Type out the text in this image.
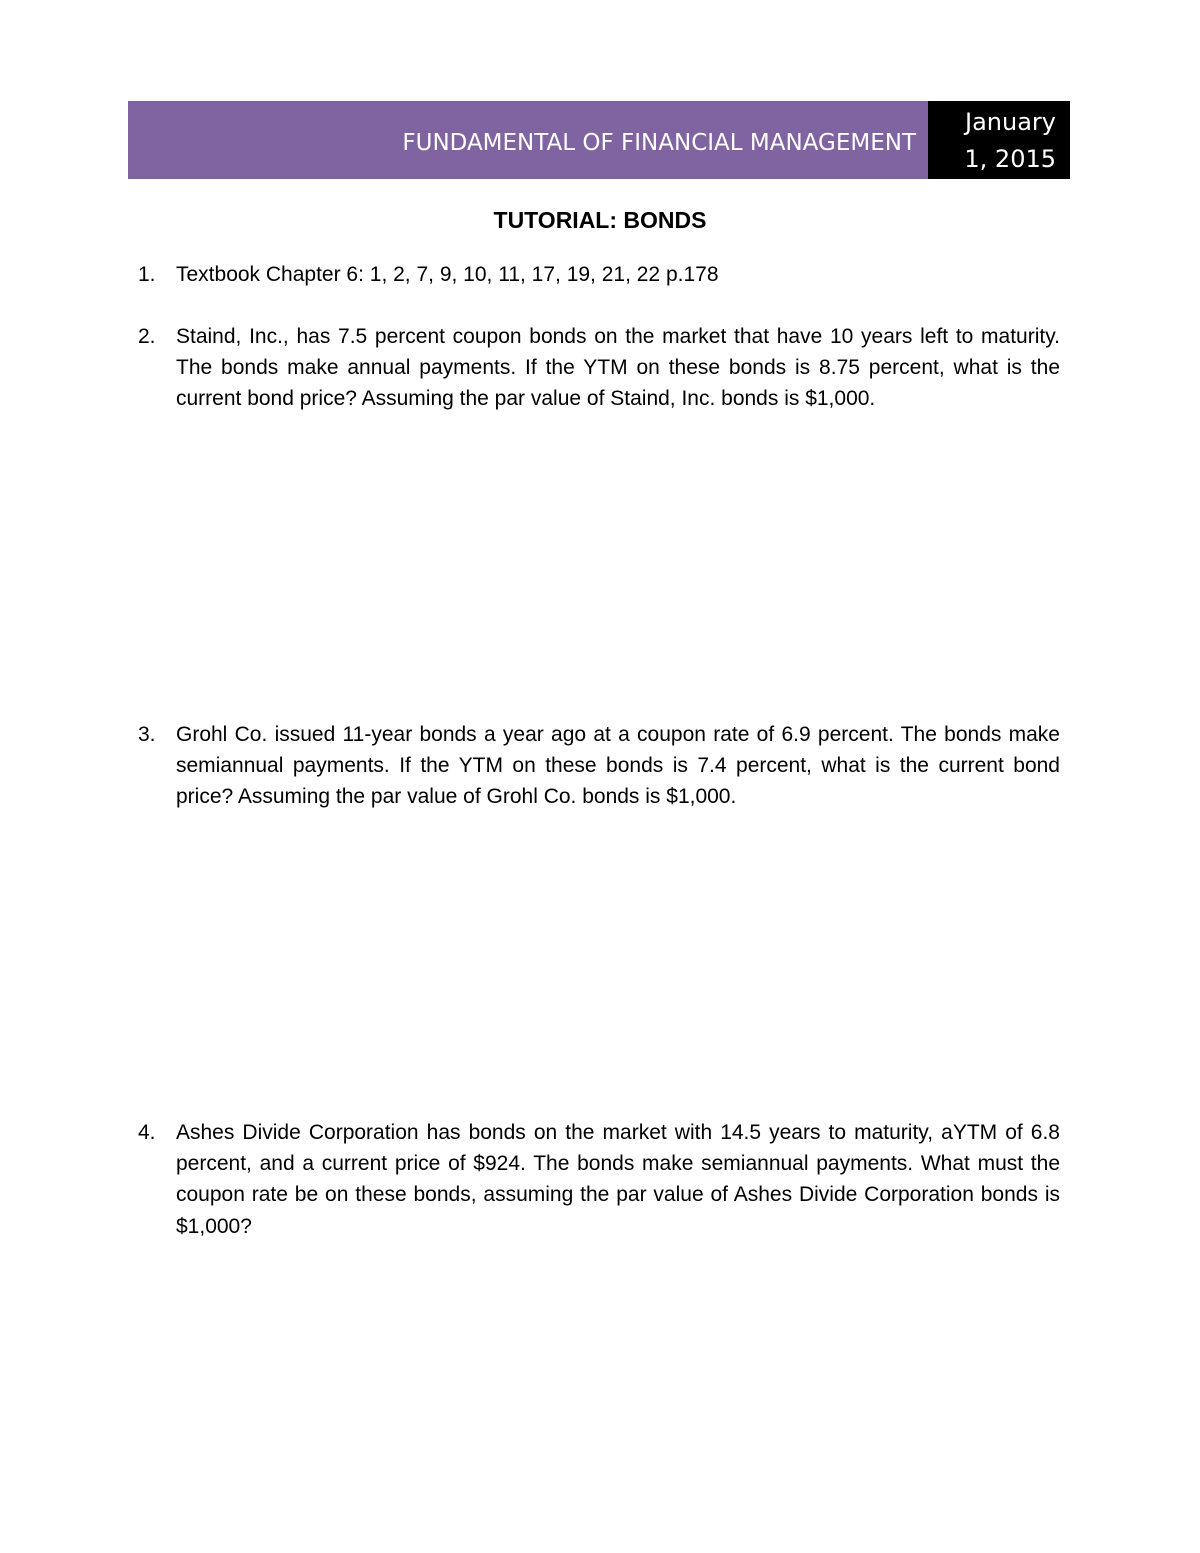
FUNDAMENTAL OF FINANCIAL MANAGEMENT
January
1, 2015
TUTORIAL: BONDS
1. Textbook Chapter 6: 1, 2, 7, 9, 10, 11, 17, 19, 21, 22 p.178
2. Staind, Inc., has 7.5 percent coupon bonds on the market that have 10 years left to maturity. The bonds make annual payments. If the YTM on these bonds is 8.75 percent, what is the current bond price? Assuming the par value of Staind, Inc. bonds is $1,000.
3. Grohl Co. issued 11-year bonds a year ago at a coupon rate of 6.9 percent. The bonds make semiannual payments. If the YTM on these bonds is 7.4 percent, what is the current bond price? Assuming the par value of Grohl Co. bonds is $1,000.
4. Ashes Divide Corporation has bonds on the market with 14.5 years to maturity, aYTM of 6.8 percent, and a current price of $924. The bonds make semiannual payments. What must the coupon rate be on these bonds, assuming the par value of Ashes Divide Corporation bonds is $1,000?
